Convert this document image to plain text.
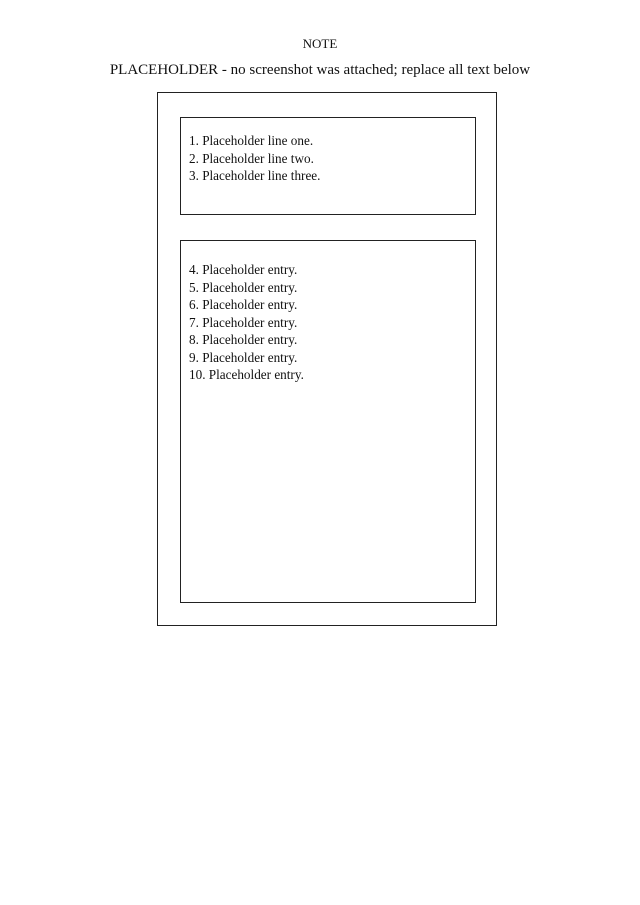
NOTE
PLACEHOLDER - no screenshot was attached; replace all text below
1. Placeholder line one.
2. Placeholder line two.
3. Placeholder line three.
4. Placeholder entry.
5. Placeholder entry.
6. Placeholder entry.
7. Placeholder entry.
8. Placeholder entry.
9. Placeholder entry.
10. Placeholder entry.
